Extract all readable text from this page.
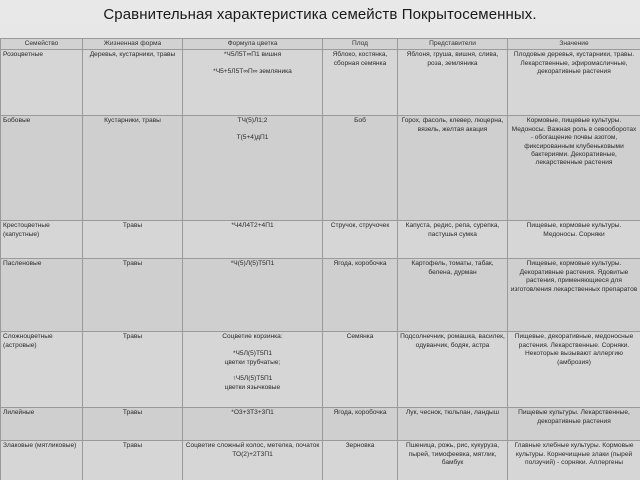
Сравнительная характеристика семейств Покрытосеменных.
Семейство	Жизненная форма	Формула цветка	Плод	Представители	Значение
Розоцветные	Деревья, кустарники, травы	*Ч5Л5Т∞П1 вишня

*Ч5+5Л5Т∞П∞ земляника	Яблоко, костянка, сборная семянка	Яблоня, груша, вишня, слива, роза, земляника	Плодовые деревья, кустарники, травы. Лекарственные, эфиромасличные, декоративные растения
Бобовые	Кустарники, травы	ТЧ(5)Л1;2

Т(5+4)дП1	Боб	Горох, фасоль, клевер, люцерна, вязель, желтая акация	Кормовые, пищевые культуры. Медоносы. Важная роль в севооборотах - обогащение почвы азотом, фиксированным клубеньковыми бактериями. Декоративные, лекарственные растения
Крестоцветные (капустные)	Травы	*Ч4Л4Т2+4П1	Стручок, стручочек	Капуста, редис, репа, сурепка, пастушья сумка	Пищевые, кормовые культуры. Медоносы. Сорняки
Пасленовые	Травы	*Ч(5)Л(5)Т5П1	Ягода, коробочка	Картофель, томаты, табак, белена, дурман	Пищевые, кормовые культуры. Декоративные растения. Ядовитые растения, применяющиеся для изготовления лекарственных препаратов
Сложноцветные (астровые)	Травы	Соцветие корзинка:

*Ч5Л(5)Т5П1
цветки трубчатые;

↑Ч5Л(5)Т5П1
цветки язычковые	Семянка	Подсолнечник, ромашка, василек, одуванчик, бодяк, астра	Пищевые, декоративные, медоносные растения. Лекарственные. Сорняки. Некоторые вызывают аллергию (амброзия)
Лилейные	Травы	*О3+3Т3+3П1	Ягода, коробочка	Лук, чеснок, тюльпан, ландыш	Пищевые культуры. Лекарственные, декоративные растения
Злаковые (мятликовые)	Травы	Соцветие сложный колос, метелка, початок
ТО(2)+2Т3П1	Зерновка	Пшеница, рожь, рис, кукуруза, пырей, тимофеевка, мятлик, бамбук	Главные хлебные культуры. Кормовые культуры. Корнечищные злаки (пырей ползучий) - сорняки. Аллергены
